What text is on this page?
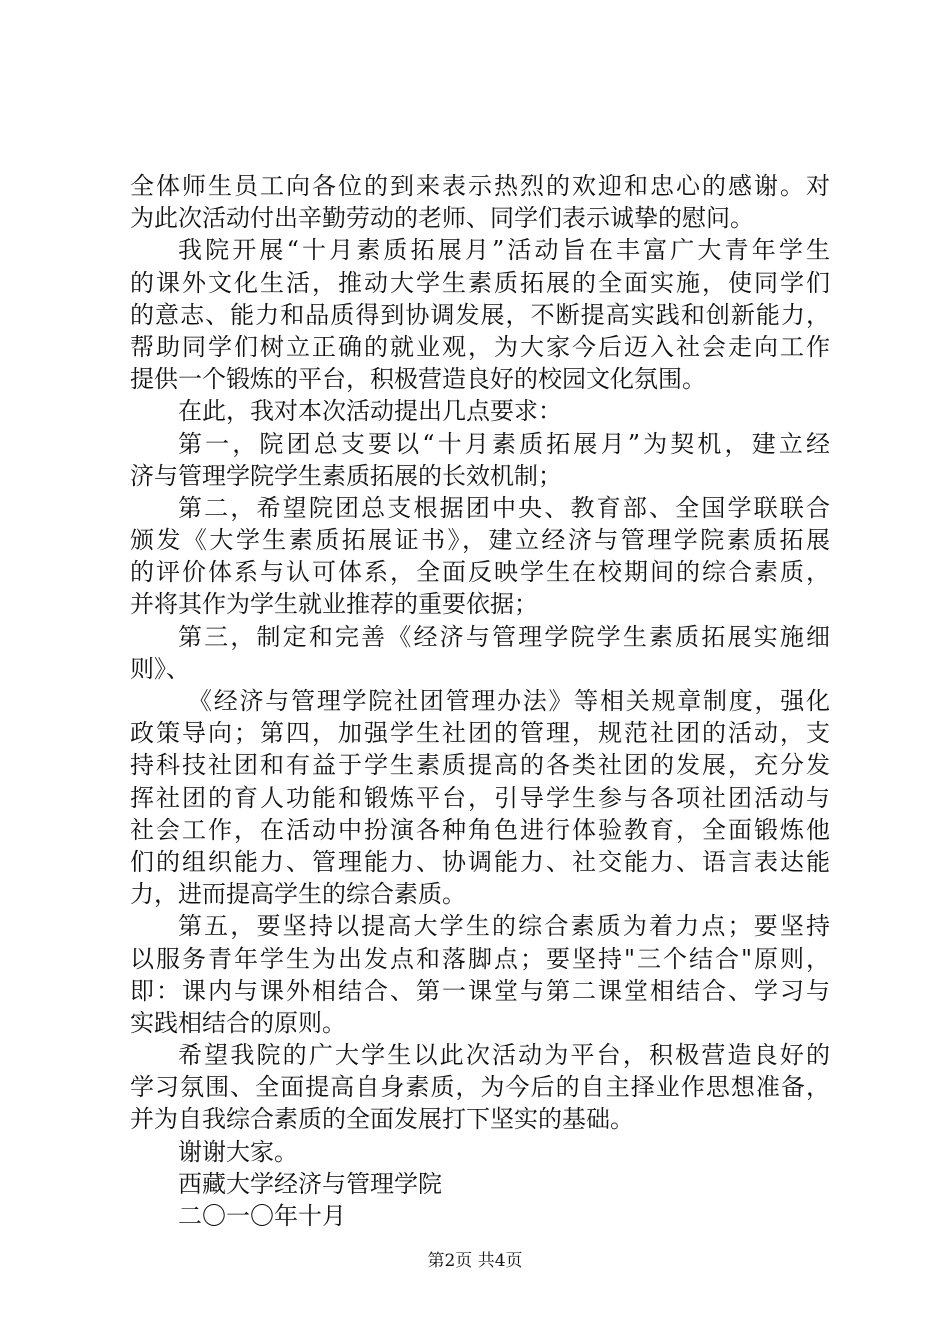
全体师生员工向各位的到来表示热烈的欢迎和忠心的感谢。对
为此次活动付出辛勤劳动的老师、同学们表示诚挚的慰问。
我院开展“十月素质拓展月”活动旨在丰富广大青年学生
的课外文化生活，推动大学生素质拓展的全面实施，使同学们
的意志、能力和品质得到协调发展，不断提高实践和创新能力，
帮助同学们树立正确的就业观，为大家今后迈入社会走向工作
提供一个锻炼的平台，积极营造良好的校园文化氛围。
在此，我对本次活动提出几点要求：
第一，院团总支要以“十月素质拓展月”为契机，建立经
济与管理学院学生素质拓展的长效机制；
第二，希望院团总支根据团中央、教育部、全国学联联合
颁发《大学生素质拓展证书》，建立经济与管理学院素质拓展
的评价体系与认可体系，全面反映学生在校期间的综合素质，
并将其作为学生就业推荐的重要依据；
第三，制定和完善《经济与管理学院学生素质拓展实施细
则》、
《经济与管理学院社团管理办法》等相关规章制度，强化
政策导向；第四，加强学生社团的管理，规范社团的活动，支
持科技社团和有益于学生素质提高的各类社团的发展，充分发
挥社团的育人功能和锻炼平台，引导学生参与各项社团活动与
社会工作，在活动中扮演各种角色进行体验教育，全面锻炼他
们的组织能力、管理能力、协调能力、社交能力、语言表达能
力，进而提高学生的综合素质。
第五，要坚持以提高大学生的综合素质为着力点；要坚持
以服务青年学生为出发点和落脚点；要坚持"三个结合"原则，
即：课内与课外相结合、第一课堂与第二课堂相结合、学习与
实践相结合的原则。
希望我院的广大学生以此次活动为平台，积极营造良好的
学习氛围、全面提高自身素质，为今后的自主择业作思想准备，
并为自我综合素质的全面发展打下坚实的基础。
谢谢大家。
西藏大学经济与管理学院
二〇一〇年十月
第2页 共4页
